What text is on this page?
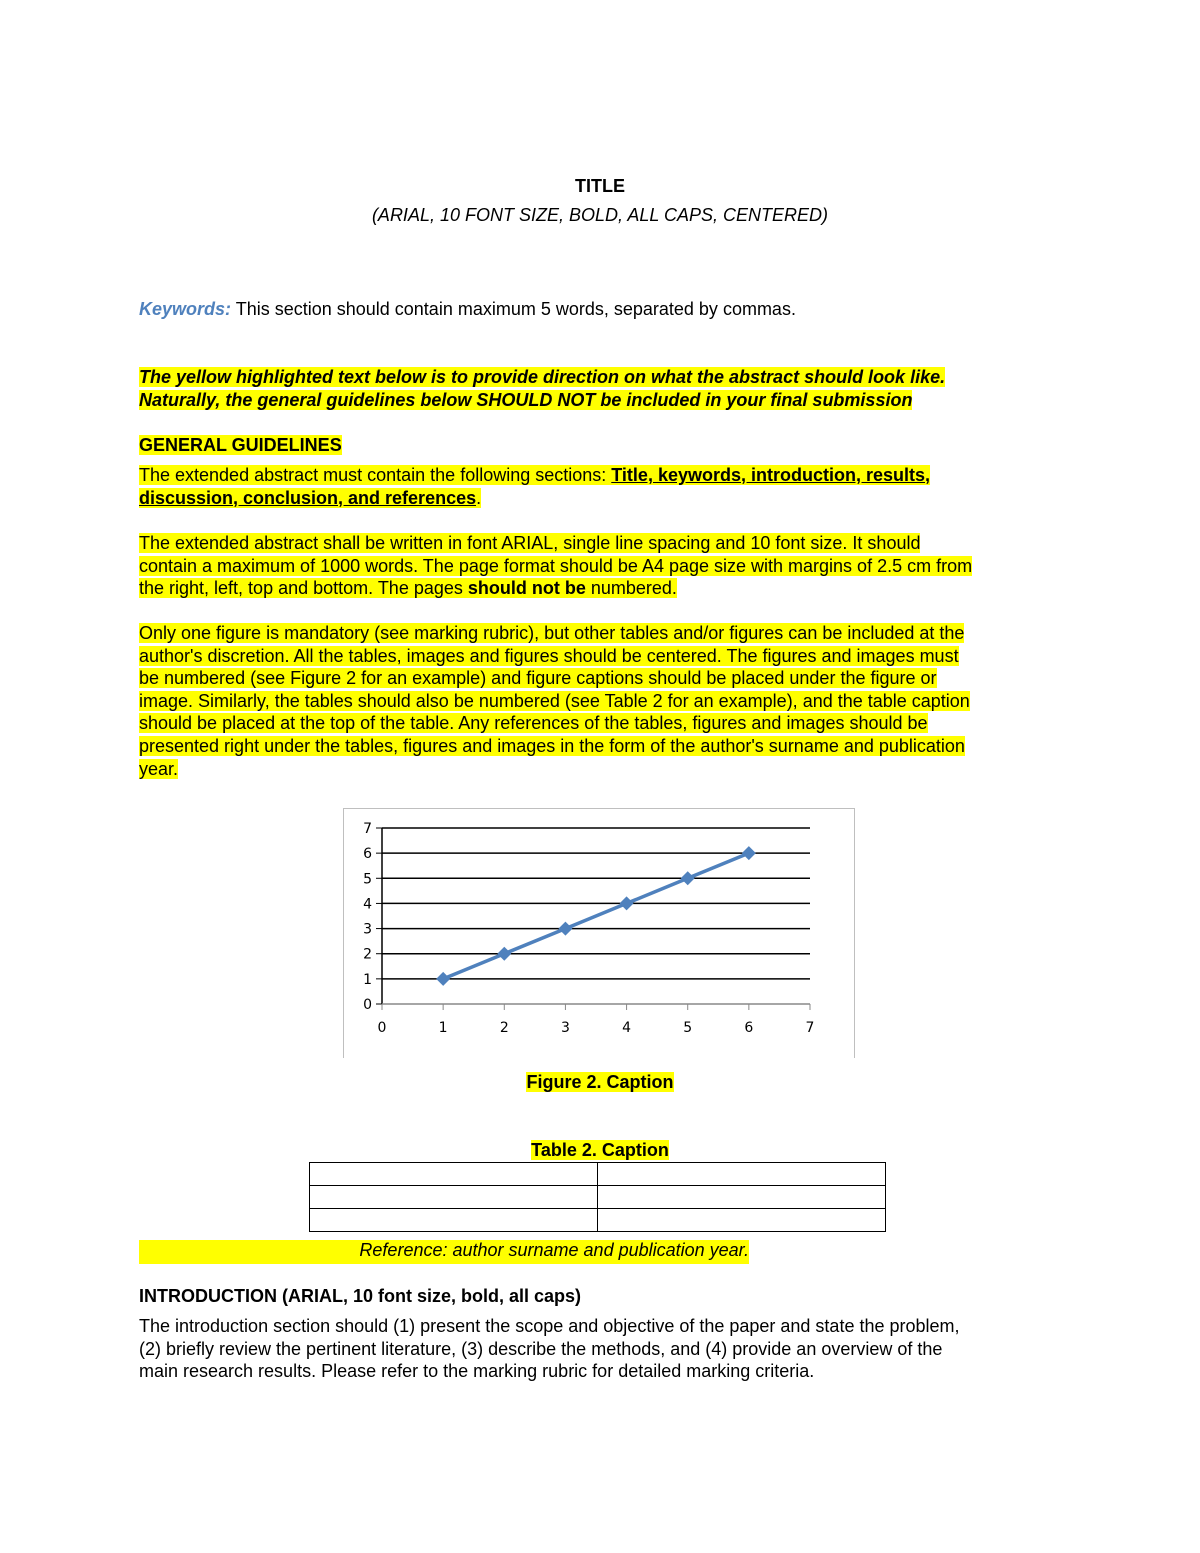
TITLE
(ARIAL, 10 FONT SIZE, BOLD, ALL CAPS, CENTERED)
Keywords: This section should contain maximum 5 words, separated by commas.
The yellow highlighted text below is to provide direction on what the abstract should look like.
Naturally, the general guidelines below SHOULD NOT be included in your final submission
GENERAL GUIDELINES
The extended abstract must contain the following sections: Title, keywords, introduction, results,
discussion, conclusion, and references.
The extended abstract shall be written in font ARIAL, single line spacing and 10 font size. It should
contain a maximum of 1000 words. The page format should be A4 page size with margins of 2.5 cm from
the right, left, top and bottom. The pages should not be numbered.
Only one figure is mandatory (see marking rubric), but other tables and/or figures can be included at the
author's discretion. All the tables, images and figures should be centered. The figures and images must
be numbered (see Figure 2 for an example) and figure captions should be placed under the figure or
image. Similarly, the tables should also be numbered (see Table 2 for an example), and the table caption
should be placed at the top of the table. Any references of the tables, figures and images should be
presented right under the tables, figures and images in the form of the author's surname and publication
year.
0
1
2
3
4
5
6
7
0	1	2	3	4	5	6	7
Figure 2. Caption
Table 2. Caption

Reference: author surname and publication year.
INTRODUCTION (ARIAL, 10 font size, bold, all caps)
The introduction section should (1) present the scope and objective of the paper and state the problem,
(2) briefly review the pertinent literature, (3) describe the methods, and (4) provide an overview of the
main research results. Please refer to the marking rubric for detailed marking criteria.
